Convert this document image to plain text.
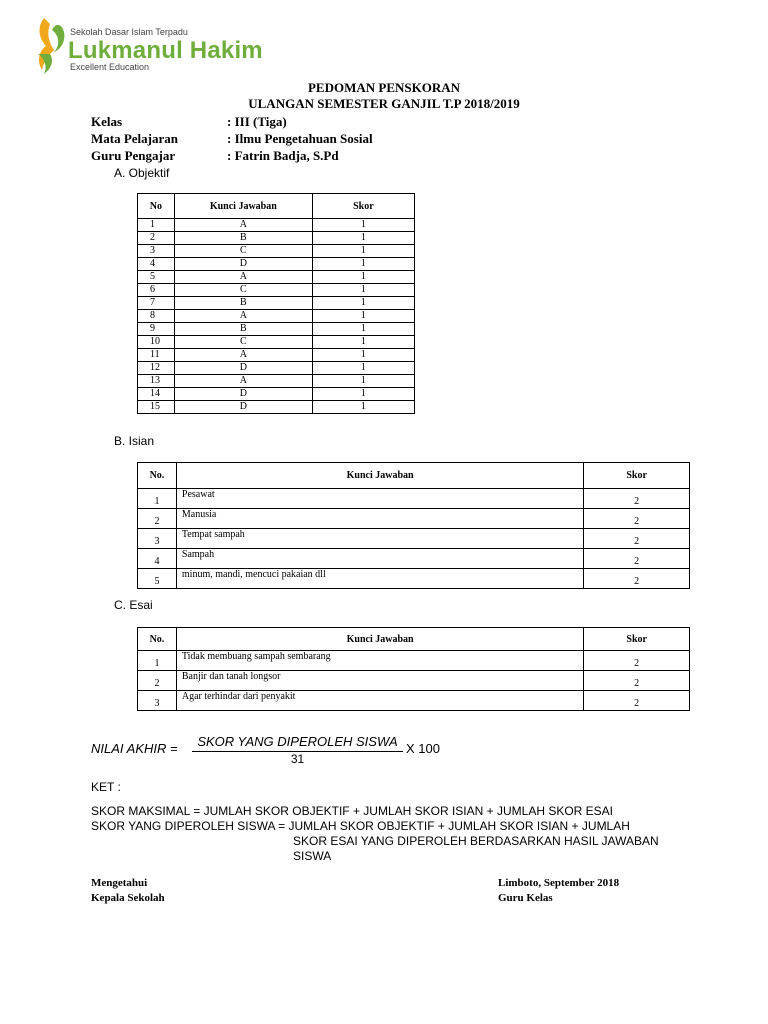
Sekolah Dasar Islam Terpadu
Lukmanul Hakim
Excellent Education
PEDOMAN PENSKORAN
ULANGAN SEMESTER GANJIL T.P 2018/2019
Kelas	: III (Tiga)
Mata Pelajaran	: Ilmu Pengetahuan Sosial
Guru Pengajar	: Fatrin Badja, S.Pd
A. Objektif
No	Kunci Jawaban	Skor
1	A	1
2	B	1
3	C	1
4	D	1
5	A	1
6	C	1
7	B	1
8	A	1
9	B	1
10	C	1
11	A	1
12	D	1
13	A	1
14	D	1
15	D	1
B. Isian
No.	Kunci Jawaban	Skor
1	Pesawat	2
2	Manusia	2
3	Tempat sampah	2
4	Sampah	2
5	minum, mandi, mencuci pakaian dll	2
C. Esai
No.	Kunci Jawaban	Skor
1	Tidak membuang sampah sembarang	2
2	Banjir dan tanah longsor	2
3	Agar terhindar dari penyakit	2
NILAI AKHIR =	SKOR YANG DIPEROLEH SISWA
31
X 100
KET :
SKOR MAKSIMAL = JUMLAH SKOR OBJEKTIF + JUMLAH SKOR ISIAN + JUMLAH SKOR ESAI
SKOR YANG DIPEROLEH SISWA = JUMLAH SKOR OBJEKTIF + JUMLAH SKOR ISIAN + JUMLAH
SKOR ESAI YANG DIPEROLEH BERDASARKAN HASIL JAWABAN
SISWA
Mengetahui
Kepala Sekolah
Limboto, September 2018
Guru Kelas
